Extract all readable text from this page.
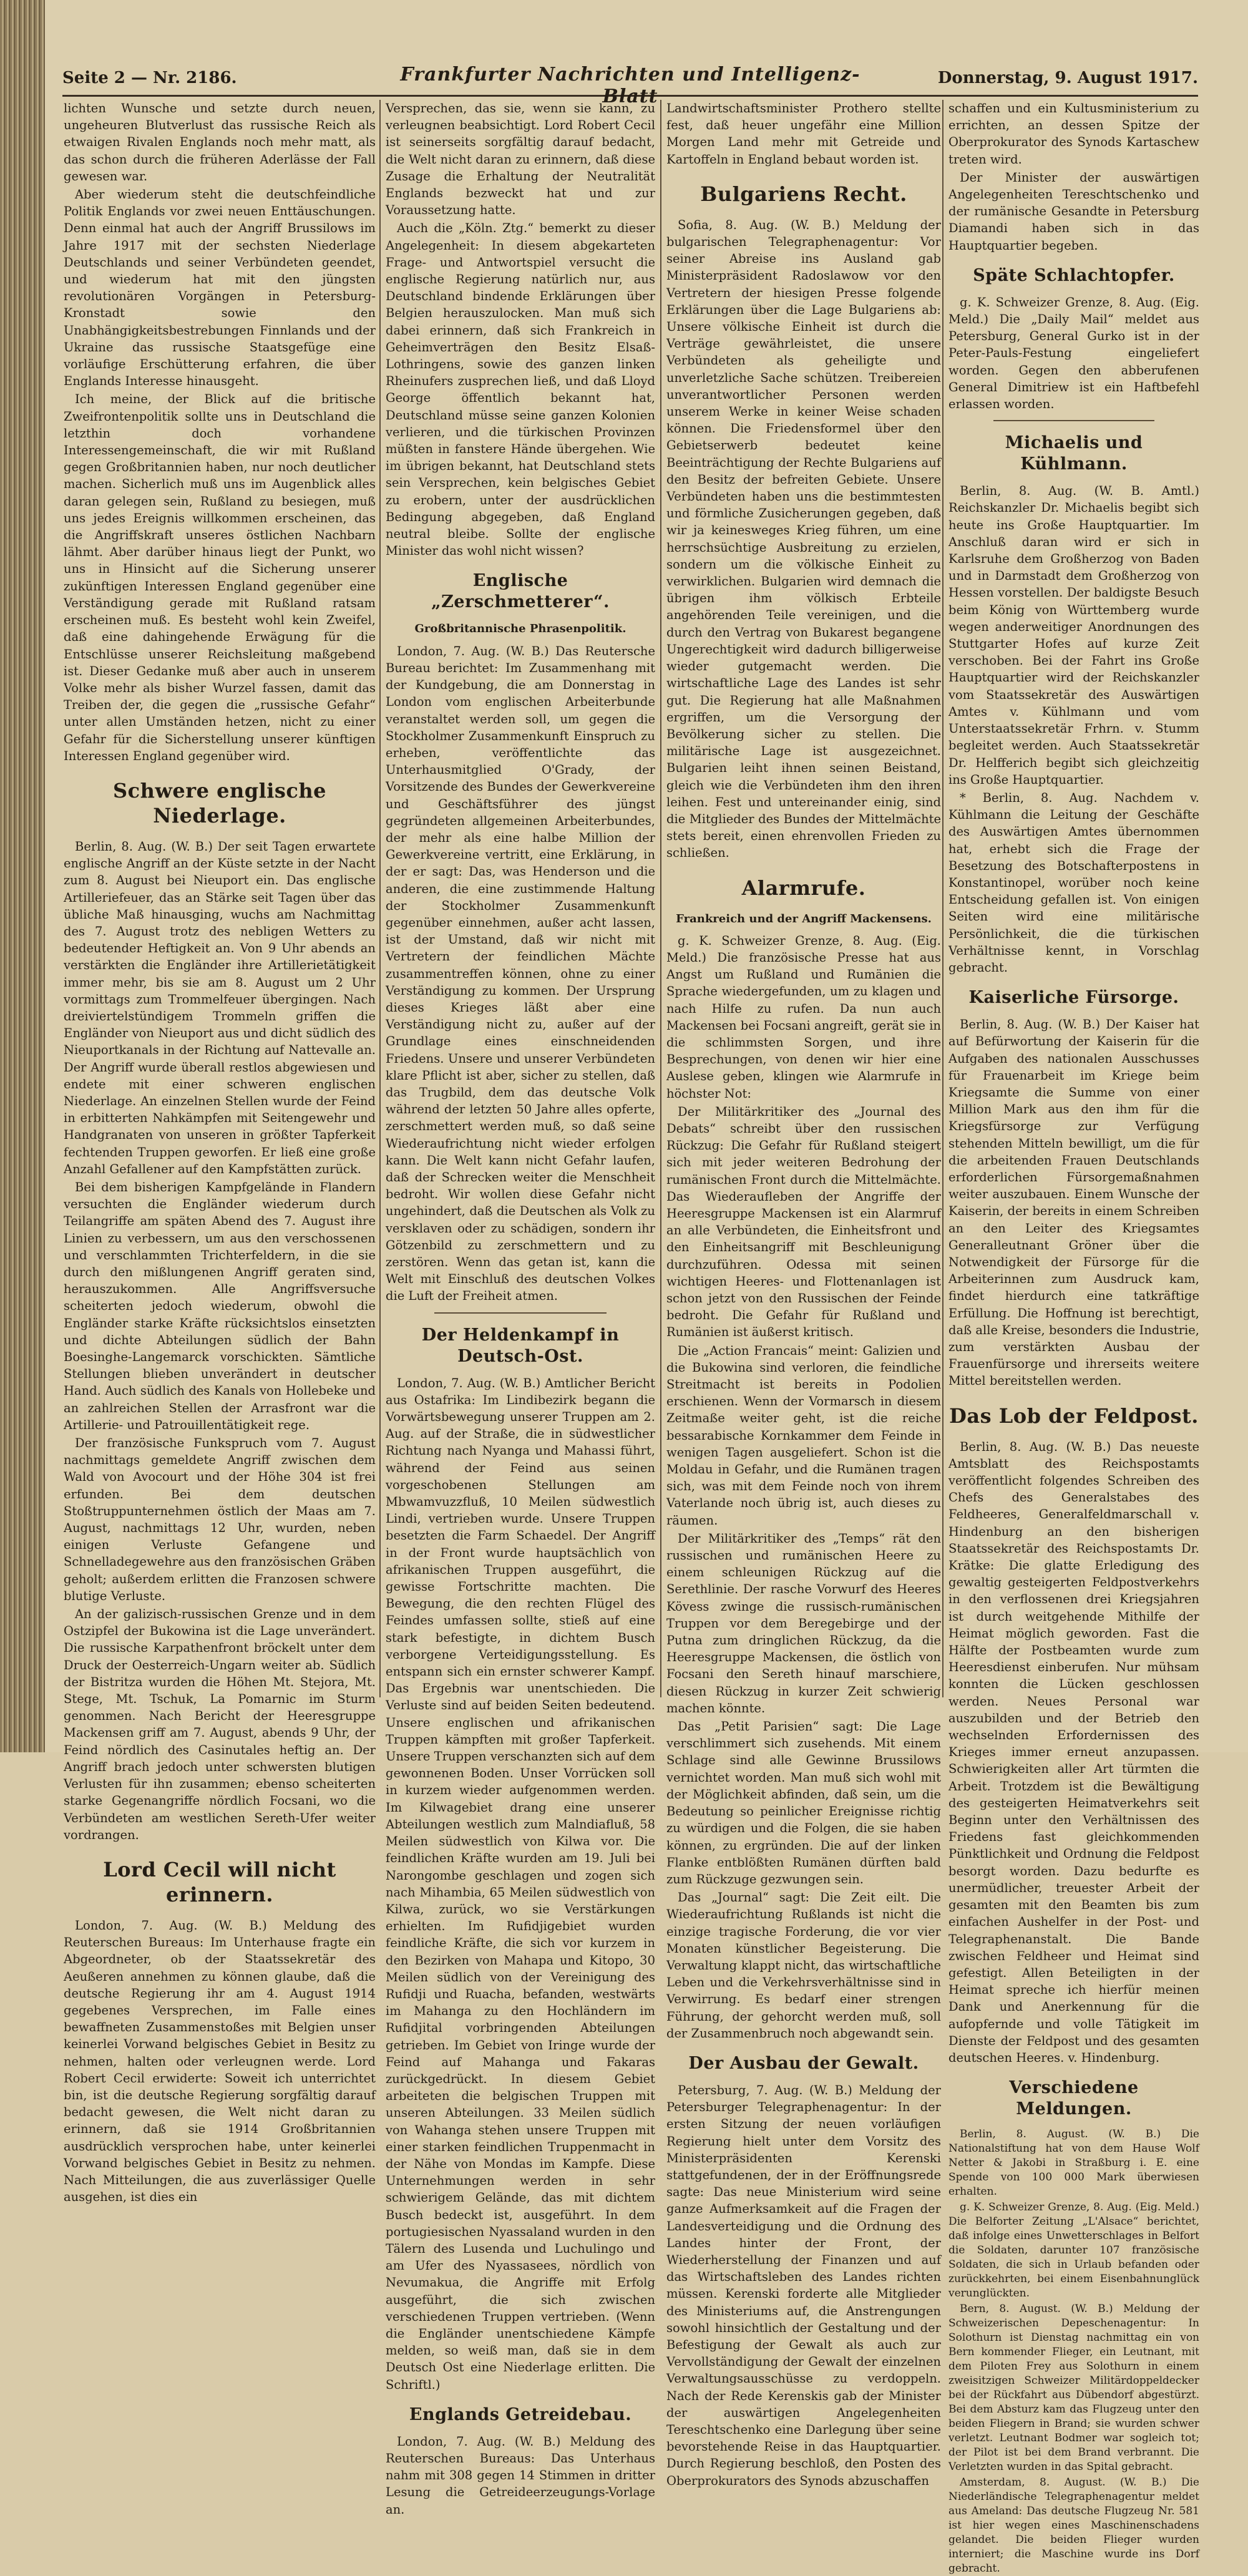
Seite 2 — Nr. 2186.	Frankfurter Nachrichten und Intelligenz-Blatt
Donnerstag, 9. August 1917.

lichten Wunsche und setzte durch neuen, ungeheuren Blutverlust das russische Reich als etwaigen Rivalen Englands noch mehr matt, als das schon durch die früheren Aderlässe der Fall gewesen war.

Aber wiederum steht die deutschfeindliche Politik Englands vor zwei neuen Enttäuschungen. Denn einmal hat auch der Angriff Brussilows im Jahre 1917 mit der sechsten Niederlage Deutschlands und seiner Verbündeten geendet, und wiederum hat mit den jüngsten revolutionären Vorgängen in Petersburg-Kronstadt sowie den Unabhängigkeitsbestrebungen Finnlands und der Ukraine das russische Staatsgefüge eine vorläufige Erschütterung erfahren, die über Englands Interesse hinausgeht.

Ich meine, der Blick auf die britische Zweifrontenpolitik sollte uns in Deutschland die letzthin doch vorhandene Interessengemeinschaft, die wir mit Rußland gegen Großbritannien haben, nur noch deutlicher machen. Sicherlich muß uns im Augenblick alles daran gelegen sein, Rußland zu besiegen, muß uns jedes Ereignis willkommen erscheinen, das die Angriffskraft unseres östlichen Nachbarn lähmt. Aber darüber hinaus liegt der Punkt, wo uns in Hinsicht auf die Sicherung unserer zukünftigen Interessen England gegenüber eine Verständigung gerade mit Rußland ratsam erscheinen muß. Es besteht wohl kein Zweifel, daß eine dahingehende Erwägung für die Entschlüsse unserer Reichsleitung maßgebend ist. Dieser Gedanke muß aber auch in unserem Volke mehr als bisher Wurzel fassen, damit das Treiben der, die gegen die „russische Gefahr“ unter allen Umständen hetzen, nicht zu einer Gefahr für die Sicherstellung unserer künftigen Interessen England gegenüber wird.

Schwere englische Niederlage.

Berlin, 8. Aug. (W. B.) Der seit Tagen erwartete englische Angriff an der Küste setzte in der Nacht zum 8. August bei Nieuport ein. Das englische Artilleriefeuer, das an Stärke seit Tagen über das übliche Maß hinausging, wuchs am Nachmittag des 7. August trotz des nebligen Wetters zu bedeutender Heftigkeit an. Von 9 Uhr abends an verstärkten die Engländer ihre Artillerietätigkeit immer mehr, bis sie am 8. August um 2 Uhr vormittags zum Trommelfeuer übergingen. Nach dreiviertelstündigem Trommeln griffen die Engländer von Nieuport aus und dicht südlich des Nieuportkanals in der Richtung auf Nattevalle an. Der Angriff wurde überall restlos abgewiesen und endete mit einer schweren englischen Niederlage. An einzelnen Stellen wurde der Feind in erbitterten Nahkämpfen mit Seitengewehr und Handgranaten von unseren in größter Tapferkeit fechtenden Truppen geworfen. Er ließ eine große Anzahl Gefallener auf den Kampfstätten zurück.

Bei dem bisherigen Kampfgelände in Flandern versuchten die Engländer wiederum durch Teilangriffe am späten Abend des 7. August ihre Linien zu verbessern, um aus den verschossenen und verschlammten Trichterfeldern, in die sie durch den mißlungenen Angriff geraten sind, herauszukommen. Alle Angriffsversuche scheiterten jedoch wiederum, obwohl die Engländer starke Kräfte rücksichtslos einsetzten und dichte Abteilungen südlich der Bahn Boesinghe-Langemarck vorschickten. Sämtliche Stellungen blieben unverändert in deutscher Hand. Auch südlich des Kanals von Hollebeke und an zahlreichen Stellen der Arrasfront war die Artillerie- und Patrouillentätigkeit rege.

Der französische Funkspruch vom 7. August nachmittags gemeldete Angriff zwischen dem Wald von Avocourt und der Höhe 304 ist frei erfunden. Bei dem deutschen Stoßtruppunternehmen östlich der Maas am 7. August, nachmittags 12 Uhr, wurden, neben einigen Verluste Gefangene und Schnelladegewehre aus den französischen Gräben geholt; außerdem erlitten die Franzosen schwere blutige Verluste.

An der galizisch-russischen Grenze und in dem Ostzipfel der Bukowina ist die Lage unverändert. Die russische Karpathenfront bröckelt unter dem Druck der Oesterreich-Ungarn weiter ab. Südlich der Bistritza wurden die Höhen Mt. Stejora, Mt. Stege, Mt. Tschuk, La Pomarnic im Sturm genommen. Nach Bericht der Heeresgruppe Mackensen griff am 7. August, abends 9 Uhr, der Feind nördlich des Casinutales heftig an. Der Angriff brach jedoch unter schwersten blutigen Verlusten für ihn zusammen; ebenso scheiterten starke Gegenangriffe nördlich Focsani, wo die Verbündeten am westlichen Sereth-Ufer weiter vordrangen.

Lord Cecil will nicht erinnern.

London, 7. Aug. (W. B.) Meldung des Reuterschen Bureaus: Im Unterhause fragte ein Abgeordneter, ob der Staatssekretär des Aeußeren annehmen zu können glaube, daß die deutsche Regierung ihr am 4. August 1914 gegebenes Versprechen, im Falle eines bewaffneten Zusammenstoßes mit Belgien unser keinerlei Vorwand belgisches Gebiet in Besitz zu nehmen, halten oder verleugnen werde. Lord Robert Cecil erwiderte: Soweit ich unterrichtet bin, ist die deutsche Regierung sorgfältig darauf bedacht gewesen, die Welt nicht daran zu erinnern, daß sie 1914 Großbritannien ausdrücklich versprochen habe, unter keinerlei Vorwand belgisches Gebiet in Besitz zu nehmen. Nach Mitteilungen, die aus zuverlässiger Quelle ausgehen, ist dies ein

Versprechen, das sie, wenn sie kann, zu verleugnen beabsichtigt. Lord Robert Cecil ist seinerseits sorgfältig darauf bedacht, die Welt nicht daran zu erinnern, daß diese Zusage die Erhaltung der Neutralität Englands bezweckt hat und zur Voraussetzung hatte.

Auch die „Köln. Ztg.“ bemerkt zu dieser Angelegenheit: In diesem abgekarteten Frage- und Antwortspiel versucht die englische Regierung natürlich nur, aus Deutschland bindende Erklärungen über Belgien herauszulocken. Man muß sich dabei erinnern, daß sich Frankreich in Geheimverträgen den Besitz Elsaß-Lothringens, sowie des ganzen linken Rheinufers zusprechen ließ, und daß Lloyd George öffentlich bekannt hat, Deutschland müsse seine ganzen Kolonien verlieren, und die türkischen Provinzen müßten in fanstere Hände übergehen. Wie im übrigen bekannt, hat Deutschland stets sein Versprechen, kein belgisches Gebiet zu erobern, unter der ausdrücklichen Bedingung abgegeben, daß England neutral bleibe. Sollte der englische Minister das wohl nicht wissen?

Englische „Zerschmetterer“.
Großbritannische Phrasenpolitik.

London, 7. Aug. (W. B.) Das Reutersche Bureau berichtet: Im Zusammenhang mit der Kundgebung, die am Donnerstag in London vom englischen Arbeiterbunde veranstaltet werden soll, um gegen die Stockholmer Zusammenkunft Einspruch zu erheben, veröffentlichte das Unterhausmitglied O'Grady, der Vorsitzende des Bundes der Gewerkvereine und Geschäftsführer des jüngst gegründeten allgemeinen Arbeiterbundes, der mehr als eine halbe Million der Gewerkvereine vertritt, eine Erklärung, in der er sagt: Das, was Henderson und die anderen, die eine zustimmende Haltung der Stockholmer Zusammenkunft gegenüber einnehmen, außer acht lassen, ist der Umstand, daß wir nicht mit Vertretern der feindlichen Mächte zusammentreffen können, ohne zu einer Verständigung zu kommen. Der Ursprung dieses Krieges läßt aber eine Verständigung nicht zu, außer auf der Grundlage eines einschneidenden Friedens. Unsere und unserer Verbündeten klare Pflicht ist aber, sicher zu stellen, daß das Trugbild, dem das deutsche Volk während der letzten 50 Jahre alles opferte, zerschmettert werden muß, so daß seine Wiederaufrichtung nicht wieder erfolgen kann. Die Welt kann nicht Gefahr laufen, daß der Schrecken weiter die Menschheit bedroht. Wir wollen diese Gefahr nicht ungehindert, daß die Deutschen als Volk zu versklaven oder zu schädigen, sondern ihr Götzenbild zu zerschmettern und zu zerstören. Wenn das getan ist, kann die Welt mit Einschluß des deutschen Volkes die Luft der Freiheit atmen.

Der Heldenkampf in Deutsch-Ost.

London, 7. Aug. (W. B.) Amtlicher Bericht aus Ostafrika: Im Lindibezirk begann die Vorwärtsbewegung unserer Truppen am 2. Aug. auf der Straße, die in südwestlicher Richtung nach Nyanga und Mahassi führt, während der Feind aus seinen vorgeschobenen Stellungen am Mbwamvuzzfluß, 10 Meilen südwestlich Lindi, vertrieben wurde. Unsere Truppen besetzten die Farm Schaedel. Der Angriff in der Front wurde hauptsächlich von afrikanischen Truppen ausgeführt, die gewisse Fortschritte machten. Die Bewegung, die den rechten Flügel des Feindes umfassen sollte, stieß auf eine stark befestigte, in dichtem Busch verborgene Verteidigungsstellung. Es entspann sich ein ernster schwerer Kampf. Das Ergebnis war unentschieden. Die Verluste sind auf beiden Seiten bedeutend. Unsere englischen und afrikanischen Truppen kämpften mit großer Tapferkeit. Unsere Truppen verschanzten sich auf dem gewonnenen Boden. Unser Vorrücken soll in kurzem wieder aufgenommen werden. Im Kilwagebiet drang eine unserer Abteilungen westlich zum Malndiafluß, 58 Meilen südwestlich von Kilwa vor. Die feindlichen Kräfte wurden am 19. Juli bei Narongombe geschlagen und zogen sich nach Mihambia, 65 Meilen südwestlich von Kilwa, zurück, wo sie Verstärkungen erhielten. Im Rufidjigebiet wurden feindliche Kräfte, die sich vor kurzem in den Bezirken von Mahapa und Kitopo, 30 Meilen südlich von der Vereinigung des Rufidji und Ruacha, befanden, westwärts im Mahanga zu den Hochländern im Rufidjital vorbringenden Abteilungen getrieben. Im Gebiet von Iringe wurde der Feind auf Mahanga und Fakaras zurückgedrückt. In diesem Gebiet arbeiteten die belgischen Truppen mit unseren Abteilungen. 33 Meilen südlich von Wahanga stehen unsere Truppen mit einer starken feindlichen Truppenmacht in der Nähe von Mondas im Kampfe. Diese Unternehmungen werden in sehr schwierigem Gelände, das mit dichtem Busch bedeckt ist, ausgeführt. In dem portugiesischen Nyassaland wurden in den Tälern des Lusenda und Luchulingo und am Ufer des Nyassasees, nördlich von Nevumakua, die Angriffe mit Erfolg ausgeführt, die sich zwischen verschiedenen Truppen vertrieben. (Wenn die Engländer unentschiedene Kämpfe melden, so weiß man, daß sie in dem Deutsch Ost eine Niederlage erlitten. Die Schriftl.)

Englands Getreidebau.

London, 7. Aug. (W. B.) Meldung des Reuterschen Bureaus: Das Unterhaus nahm mit 308 gegen 14 Stimmen in dritter Lesung die Getreideerzeugungs-Vorlage an.

Landwirtschaftsminister Prothero stellte fest, daß heuer ungefähr eine Million Morgen Land mehr mit Getreide und Kartoffeln in England bebaut worden ist.

Bulgariens Recht.

Sofia, 8. Aug. (W. B.) Meldung der bulgarischen Telegraphenagentur: Vor seiner Abreise ins Ausland gab Ministerpräsident Radoslawow vor den Vertretern der hiesigen Presse folgende Erklärungen über die Lage Bulgariens ab: Unsere völkische Einheit ist durch die Verträge gewährleistet, die unsere Verbündeten als geheiligte und unverletzliche Sache schützen. Treibereien unverantwortlicher Personen werden unserem Werke in keiner Weise schaden können. Die Friedensformel über den Gebietserwerb bedeutet keine Beeinträchtigung der Rechte Bulgariens auf den Besitz der befreiten Gebiete. Unsere Verbündeten haben uns die bestimmtesten und förmliche Zusicherungen gegeben, daß wir ja keinesweges Krieg führen, um eine herrschsüchtige Ausbreitung zu erzielen, sondern um die völkische Einheit zu verwirklichen. Bulgarien wird demnach die übrigen ihm völkisch Erbteile angehörenden Teile vereinigen, und die durch den Vertrag von Bukarest begangene Ungerechtigkeit wird dadurch billigerweise wieder gutgemacht werden. Die wirtschaftliche Lage des Landes ist sehr gut. Die Regierung hat alle Maßnahmen ergriffen, um die Versorgung der Bevölkerung sicher zu stellen. Die militärische Lage ist ausgezeichnet. Bulgarien leiht ihnen seinen Beistand, gleich wie die Verbündeten ihm den ihren leihen. Fest und untereinander einig, sind die Mitglieder des Bundes der Mittelmächte stets bereit, einen ehrenvollen Frieden zu schließen.

Alarmrufe.
Frankreich und der Angriff Mackensens.

g. K. Schweizer Grenze, 8. Aug. (Eig. Meld.) Die französische Presse hat aus Angst um Rußland und Rumänien die Sprache wiedergefunden, um zu klagen und nach Hilfe zu rufen. Da nun auch Mackensen bei Focsani angreift, gerät sie in die schlimmsten Sorgen, und ihre Besprechungen, von denen wir hier eine Auslese geben, klingen wie Alarmrufe in höchster Not:

Der Militärkritiker des „Journal des Debats“ schreibt über den russischen Rückzug: Die Gefahr für Rußland steigert sich mit jeder weiteren Bedrohung der rumänischen Front durch die Mittelmächte. Das Wiederaufleben der Angriffe der Heeresgruppe Mackensen ist ein Alarmruf an alle Verbündeten, die Einheitsfront und den Einheitsangriff mit Beschleunigung durchzuführen. Odessa mit seinen wichtigen Heeres- und Flottenanlagen ist schon jetzt von den Russischen der Feinde bedroht. Die Gefahr für Rußland und Rumänien ist äußerst kritisch.

Die „Action Francais“ meint: Galizien und die Bukowina sind verloren, die feindliche Streitmacht ist bereits in Podolien erschienen. Wenn der Vormarsch in diesem Zeitmaße weiter geht, ist die reiche bessarabische Kornkammer dem Feinde in wenigen Tagen ausgeliefert. Schon ist die Moldau in Gefahr, und die Rumänen tragen sich, was mit dem Feinde noch von ihrem Vaterlande noch übrig ist, auch dieses zu räumen.

Der Militärkritiker des „Temps“ rät den russischen und rumänischen Heere zu einem schleunigen Rückzug auf die Serethlinie. Der rasche Vorwurf des Heeres Kövess zwinge die russisch-rumänischen Truppen vor dem Beregebirge und der Putna zum dringlichen Rückzug, da die Heeresgruppe Mackensen, die östlich von Focsani den Sereth hinauf marschiere, diesen Rückzug in kurzer Zeit schwierig machen könnte.

Das „Petit Parisien“ sagt: Die Lage verschlimmert sich zusehends. Mit einem Schlage sind alle Gewinne Brussilows vernichtet worden. Man muß sich wohl mit der Möglichkeit abfinden, daß sein, um die Bedeutung so peinlicher Ereignisse richtig zu würdigen und die Folgen, die sie haben können, zu ergründen. Die auf der linken Flanke entblößten Rumänen dürften bald zum Rückzuge gezwungen sein.

Das „Journal“ sagt: Die Zeit eilt. Die Wiederaufrichtung Rußlands ist nicht die einzige tragische Forderung, die vor vier Monaten künstlicher Begeisterung. Die Verwaltung klappt nicht, das wirtschaftliche Leben und die Verkehrsverhältnisse sind in Verwirrung. Es bedarf einer strengen Führung, der gehorcht werden muß, soll der Zusammenbruch noch abgewandt sein.

Der Ausbau der Gewalt.

Petersburg, 7. Aug. (W. B.) Meldung der Petersburger Telegraphenagentur: In der ersten Sitzung der neuen vorläufigen Regierung hielt unter dem Vorsitz des Ministerpräsidenten Kerenski stattgefundenen, der in der Eröffnungsrede sagte: Das neue Ministerium wird seine ganze Aufmerksamkeit auf die Fragen der Landesverteidigung und die Ordnung des Landes hinter der Front, der Wiederherstellung der Finanzen und auf das Wirtschaftsleben des Landes richten müssen. Kerenski forderte alle Mitglieder des Ministeriums auf, die Anstrengungen sowohl hinsichtlich der Gestaltung und der Befestigung der Gewalt als auch zur Vervollständigung der Gewalt der einzelnen Verwaltungsausschüsse zu verdoppeln. Nach der Rede Kerenskis gab der Minister der auswärtigen Angelegenheiten Tereschtschenko eine Darlegung über seine bevorstehende Reise in das Hauptquartier. Durch Regierung beschloß, den Posten des Oberprokurators des Synods abzuschaffen

schaffen und ein Kultusministerium zu errichten, an dessen Spitze der Oberprokurator des Synods Kartaschew treten wird.

Der Minister der auswärtigen Angelegenheiten Tereschtschenko und der rumänische Gesandte in Petersburg Diamandi haben sich in das Hauptquartier begeben.

Späte Schlachtopfer.

g. K. Schweizer Grenze, 8. Aug. (Eig. Meld.) Die „Daily Mail“ meldet aus Petersburg, General Gurko ist in der Peter-Pauls-Festung eingeliefert worden. Gegen den abberufenen General Dimitriew ist ein Haftbefehl erlassen worden.

Michaelis und Kühlmann.

Berlin, 8. Aug. (W. B. Amtl.) Reichskanzler Dr. Michaelis begibt sich heute ins Große Hauptquartier. Im Anschluß daran wird er sich in Karlsruhe dem Großherzog von Baden und in Darmstadt dem Großherzog von Hessen vorstellen. Der baldigste Besuch beim König von Württemberg wurde wegen anderweitiger Anordnungen des Stuttgarter Hofes auf kurze Zeit verschoben. Bei der Fahrt ins Große Hauptquartier wird der Reichskanzler vom Staatssekretär des Auswärtigen Amtes v. Kühlmann und vom Unterstaatssekretär Frhrn. v. Stumm begleitet werden. Auch Staatssekretär Dr. Helfferich begibt sich gleichzeitig ins Große Hauptquartier.

* Berlin, 8. Aug. Nachdem v. Kühlmann die Leitung der Geschäfte des Auswärtigen Amtes übernommen hat, erhebt sich die Frage der Besetzung des Botschafterpostens in Konstantinopel, worüber noch keine Entscheidung gefallen ist. Von einigen Seiten wird eine militärische Persönlichkeit, die die türkischen Verhältnisse kennt, in Vorschlag gebracht.

Kaiserliche Fürsorge.

Berlin, 8. Aug. (W. B.) Der Kaiser hat auf Befürwortung der Kaiserin für die Aufgaben des nationalen Ausschusses für Frauenarbeit im Kriege beim Kriegsamte die Summe von einer Million Mark aus den ihm für die Kriegsfürsorge zur Verfügung stehenden Mitteln bewilligt, um die für die arbeitenden Frauen Deutschlands erforderlichen Fürsorgemaßnahmen weiter auszubauen. Einem Wunsche der Kaiserin, der bereits in einem Schreiben an den Leiter des Kriegsamtes Generalleutnant Gröner über die Notwendigkeit der Fürsorge für die Arbeiterinnen zum Ausdruck kam, findet hierdurch eine tatkräftige Erfüllung. Die Hoffnung ist berechtigt, daß alle Kreise, besonders die Industrie, zum verstärkten Ausbau der Frauenfürsorge und ihrerseits weitere Mittel bereitstellen werden.

Das Lob der Feldpost.

Berlin, 8. Aug. (W. B.) Das neueste Amtsblatt des Reichspostamts veröffentlicht folgendes Schreiben des Chefs des Generalstabes des Feldheeres, Generalfeldmarschall v. Hindenburg an den bisherigen Staatssekretär des Reichspostamts Dr. Krätke: Die glatte Erledigung des gewaltig gesteigerten Feldpostverkehrs in den verflossenen drei Kriegsjahren ist durch weitgehende Mithilfe der Heimat möglich geworden. Fast die Hälfte der Postbeamten wurde zum Heeresdienst einberufen. Nur mühsam konnten die Lücken geschlossen werden. Neues Personal war auszubilden und der Betrieb den wechselnden Erfordernissen des Krieges immer erneut anzupassen. Schwierigkeiten aller Art türmten die Arbeit. Trotzdem ist die Bewältigung des gesteigerten Heimatverkehrs seit Beginn unter den Verhältnissen des Friedens fast gleichkommenden Pünktlichkeit und Ordnung die Feldpost besorgt worden. Dazu bedurfte es unermüdlicher, treuester Arbeit der gesamten mit den Beamten bis zum einfachen Aushelfer in der Post- und Telegraphenanstalt. Die Bande zwischen Feldheer und Heimat sind gefestigt. Allen Beteiligten in der Heimat spreche ich hierfür meinen Dank und Anerkennung für die aufopfernde und volle Tätigkeit im Dienste der Feldpost und des gesamten deutschen Heeres. v. Hindenburg.

Verschiedene Meldungen.

Berlin, 8. August. (W. B.) Die Nationalstiftung hat von dem Hause Wolf Netter & Jakobi in Straßburg i. E. eine Spende von 100 000 Mark überwiesen erhalten.

g. K. Schweizer Grenze, 8. Aug. (Eig. Meld.) Die Belforter Zeitung „L'Alsace“ berichtet, daß infolge eines Unwetterschlages in Belfort die Soldaten, darunter 107 französische Soldaten, die sich in Urlaub befanden oder zurückkehrten, bei einem Eisenbahnunglück verunglückten.

Bern, 8. August. (W. B.) Meldung der Schweizerischen Depeschenagentur: In Solothurn ist Dienstag nachmittag ein von Bern kommender Flieger, ein Leutnant, mit dem Piloten Frey aus Solothurn in einem zweisitzigen Schweizer Militärdoppeldecker bei der Rückfahrt aus Dübendorf abgestürzt. Bei dem Absturz kam das Flugzeug unter den beiden Fliegern in Brand; sie wurden schwer verletzt. Leutnant Bodmer war sogleich tot; der Pilot ist bei dem Brand verbrannt. Die Verletzten wurden in das Spital gebracht.

Amsterdam, 8. August. (W. B.) Die Niederländische Telegraphenagentur meldet aus Ameland: Das deutsche Flugzeug Nr. 581 ist hier wegen eines Maschinenschadens gelandet. Die beiden Flieger wurden interniert; die Maschine wurde ins Dorf gebracht.
